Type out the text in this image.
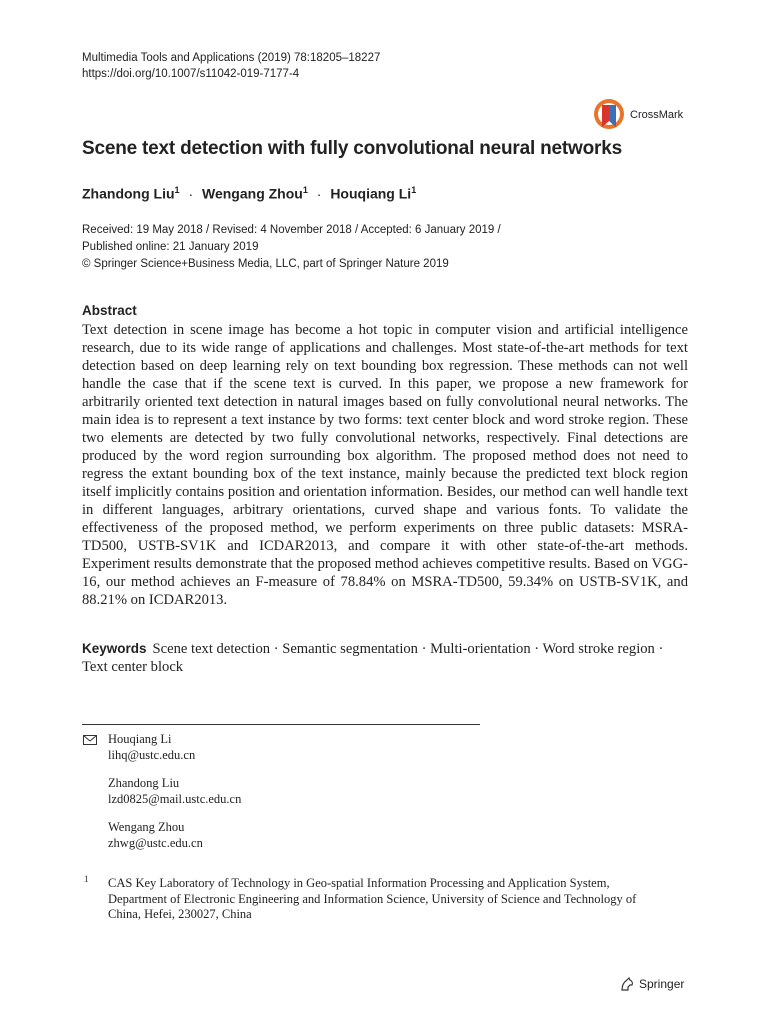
Multimedia Tools and Applications (2019) 78:18205–18227
https://doi.org/10.1007/s11042-019-7177-4
CrossMark
Scene text detection with fully convolutional neural networks
Zhandong Liu$^1$ · Wengang Zhou$^1$ · Houqiang Li$^1$
Received: 19 May 2018 / Revised: 4 November 2018 / Accepted: 6 January 2019 /
Published online: 21 January 2019
© Springer Science+Business Media, LLC, part of Springer Nature 2019
Abstract

Text detection in scene image has become a hot topic in computer vision and artificial intelligence research, due to its wide range of applications and challenges. Most state-of-the-art methods for text detection based on deep learning rely on text bounding box regression. These methods can not well handle the case that if the scene text is curved. In this paper, we propose a new framework for arbitrarily oriented text detection in natural images based on fully convolutional neural networks. The main idea is to represent a text instance by two forms: text center block and word stroke region. These two elements are detected by two fully convolutional networks, respectively. Final detections are produced by the word region surrounding box algorithm. The proposed method does not need to regress the extant bounding box of the text instance, mainly because the predicted text block region itself implicitly contains position and orientation information. Besides, our method can well handle text in different languages, arbitrary orientations, curved shape and various fonts. To validate the effectiveness of the proposed method, we perform experiments on three public datasets: MSRA-TD500, USTB-SV1K and ICDAR2013, and compare it with other state-of-the-art methods. Experiment results demonstrate that the proposed method achieves competitive results. Based on VGG-16, our method achieves an F-measure of 78.84% on MSRA-TD500, 59.34% on USTB-SV1K, and 88.21% on ICDAR2013.

Keywords Scene text detection · Semantic segmentation · Multi-orientation · Word stroke region · Text center block
Houqiang Li
lihq@ustc.edu.cn
Zhandong Liu
lzd0825@mail.ustc.edu.cn
Wengang Zhou
zhwg@ustc.edu.cn
1 CAS Key Laboratory of Technology in Geo-spatial Information Processing and Application System, Department of Electronic Engineering and Information Science, University of Science and Technology of China, Hefei, 230027, China
Springer
